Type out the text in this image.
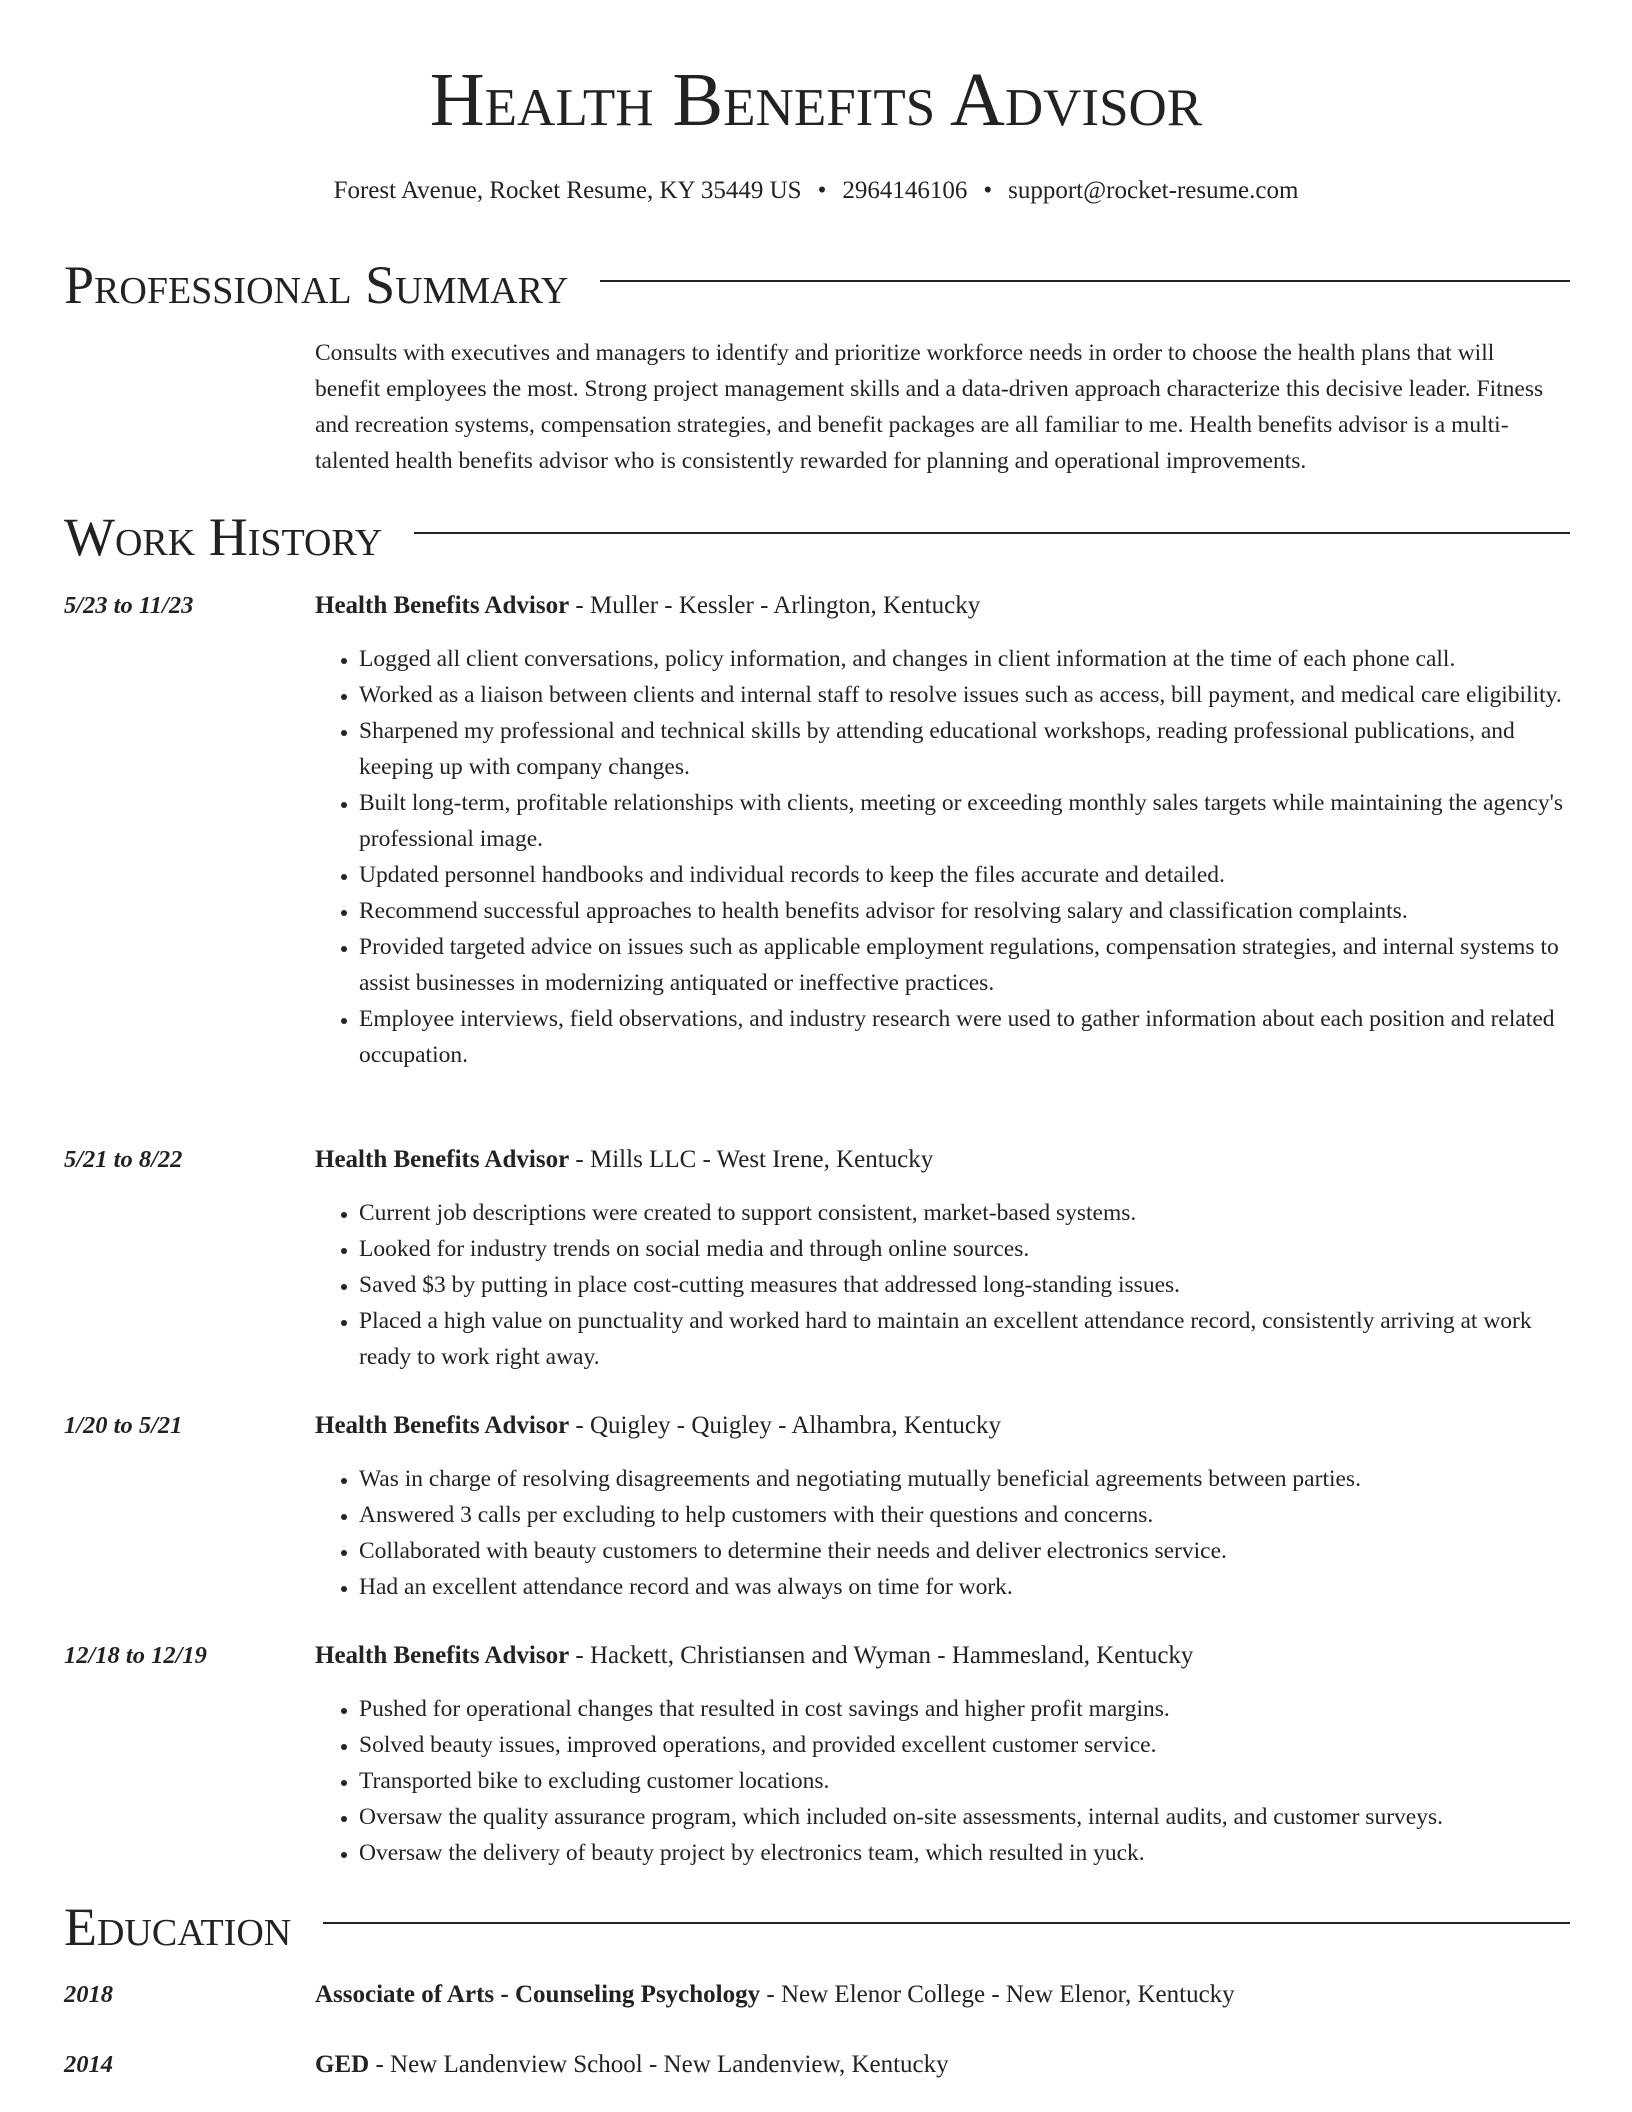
Health Benefits Advisor
Forest Avenue, Rocket Resume, KY 35449 US • 2964146106 • support@rocket-resume.com
Professional Summary

Consults with executives and managers to identify and prioritize workforce needs in order to choose the health plans that will benefit employees the most. Strong project management skills and a data-driven approach characterize this decisive leader. Fitness and recreation systems, compensation strategies, and benefit packages are all familiar to me. Health benefits advisor is a multi-talented health benefits advisor who is consistently rewarded for planning and operational improvements.

Work History
5/23 to 11/23	Health Benefits Advisor - Muller - Kessler - Arlington, Kentucky
• Logged all client conversations, policy information, and changes in client information at the time of each phone call.
• Worked as a liaison between clients and internal staff to resolve issues such as access, bill payment, and medical care eligibility.
• Sharpened my professional and technical skills by attending educational workshops, reading professional publications, and keeping up with company changes.
• Built long-term, profitable relationships with clients, meeting or exceeding monthly sales targets while maintaining the agency's professional image.
• Updated personnel handbooks and individual records to keep the files accurate and detailed.
• Recommend successful approaches to health benefits advisor for resolving salary and classification complaints.
• Provided targeted advice on issues such as applicable employment regulations, compensation strategies, and internal systems to assist businesses in modernizing antiquated or ineffective practices.
• Employee interviews, field observations, and industry research were used to gather information about each position and related occupation.
5/21 to 8/22	Health Benefits Advisor - Mills LLC - West Irene, Kentucky
• Current job descriptions were created to support consistent, market-based systems.
• Looked for industry trends on social media and through online sources.
• Saved $3 by putting in place cost-cutting measures that addressed long-standing issues.
• Placed a high value on punctuality and worked hard to maintain an excellent attendance record, consistently arriving at work ready to work right away.
1/20 to 5/21	Health Benefits Advisor - Quigley - Quigley - Alhambra, Kentucky
• Was in charge of resolving disagreements and negotiating mutually beneficial agreements between parties.
• Answered 3 calls per excluding to help customers with their questions and concerns.
• Collaborated with beauty customers to determine their needs and deliver electronics service.
• Had an excellent attendance record and was always on time for work.
12/18 to 12/19	Health Benefits Advisor - Hackett, Christiansen and Wyman - Hammesland, Kentucky
• Pushed for operational changes that resulted in cost savings and higher profit margins.
• Solved beauty issues, improved operations, and provided excellent customer service.
• Transported bike to excluding customer locations.
• Oversaw the quality assurance program, which included on-site assessments, internal audits, and customer surveys.
• Oversaw the delivery of beauty project by electronics team, which resulted in yuck.
Education
2018	Associate of Arts - Counseling Psychology - New Elenor College - New Elenor, Kentucky
2014	GED - New Landenview School - New Landenview, Kentucky
